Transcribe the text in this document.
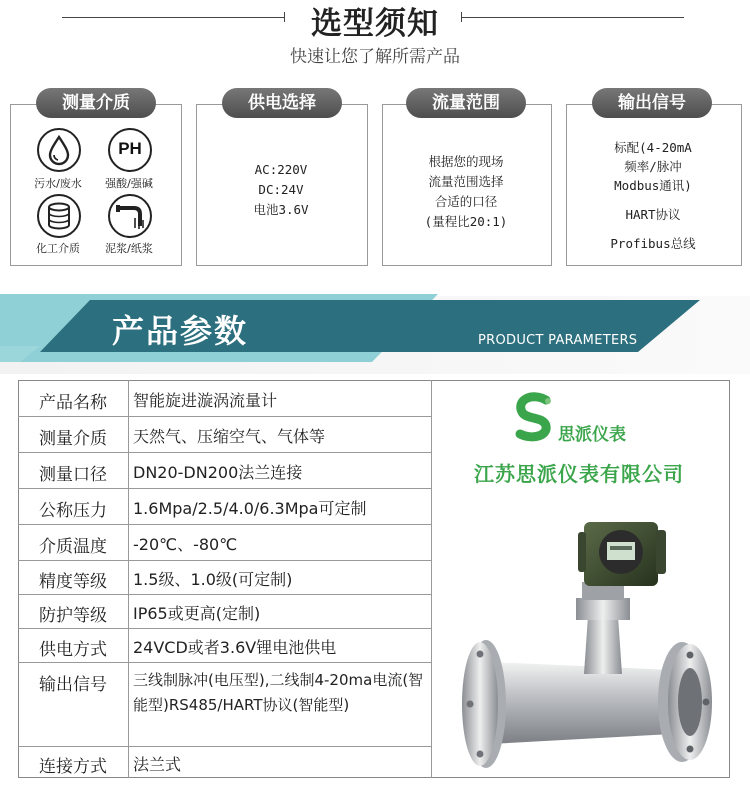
选型须知
快速让您了解所需产品
测量介质
污水/废水
PH
强酸/强碱
化工介质	泥浆/纸浆
供电选择
AC:220V
DC:24V
电池3.6V
流量范围
根据您的现场
流量范围选择
合适的口径
(量程比20:1)
输出信号
标配(4-20mA
频率/脉冲
Modbus通讯)
HART协议
Profibus总线
产品参数	PRODUCT PARAMETERS
产品名称	智能旋进漩涡流量计
测量介质	天然气、压缩空气、气体等
测量口径	DN20-DN200法兰连接
公称压力	1.6Mpa/2.5/4.0/6.3Mpa可定制
介质温度	-20℃、-80℃
精度等级	1.5级、1.0级(可定制)
防护等级	IP65或更高(定制)
供电方式	24VCD或者3.6V锂电池供电
输出信号	三线制脉冲(电压型),二线制4-20ma电流(智能型)RS485/HART协议(智能型)
连接方式	法兰式
思派仪表
江苏思派仪表有限公司
